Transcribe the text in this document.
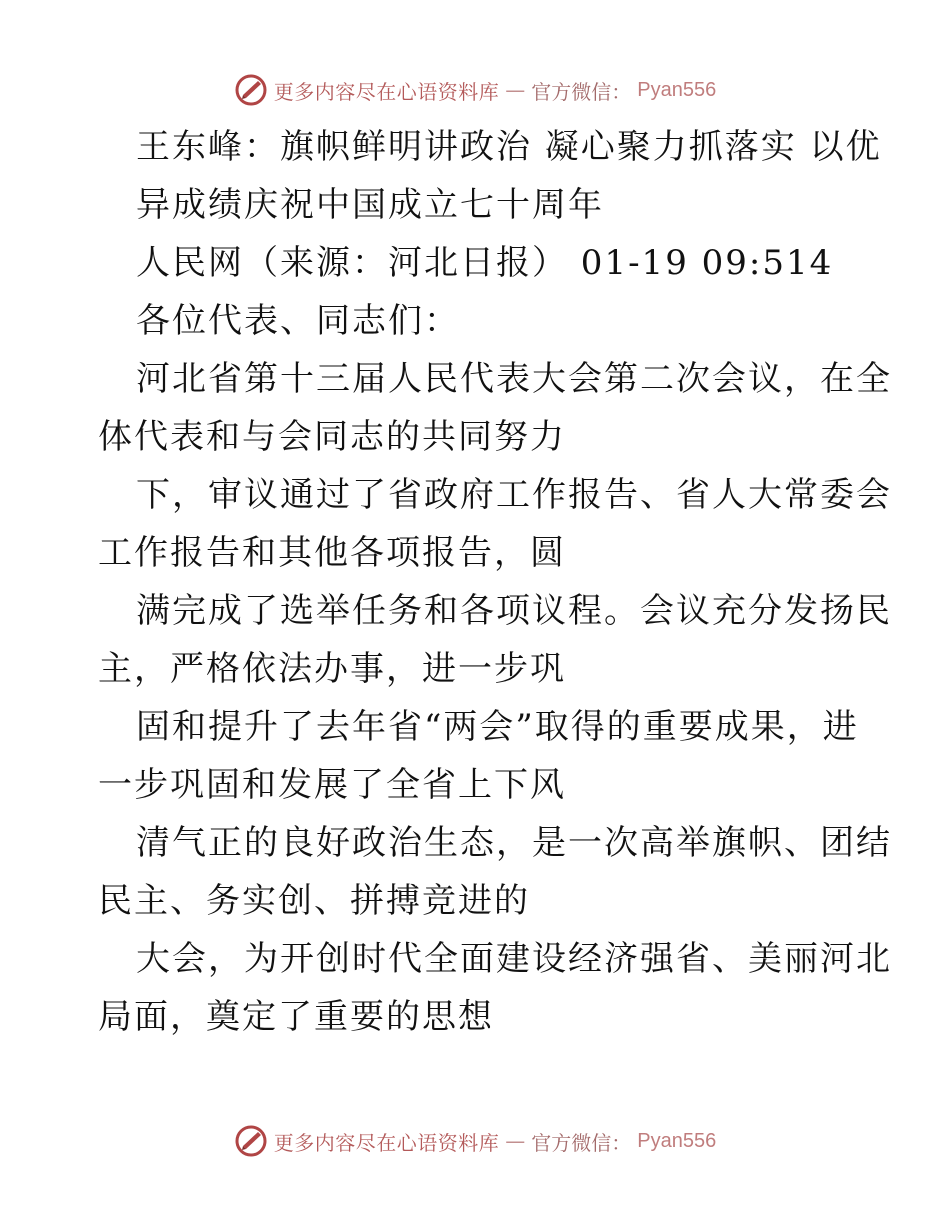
更多内容尽在心语资料库 — 官方微信： Pyan556
王东峰：旗帜鲜明讲政治 凝心聚力抓落实 以优
异成绩庆祝中国成立七十周年
人民网（来源：河北日报） 01-19 09:514
各位代表、同志们：
河北省第十三届人民代表大会第二次会议，在全
体代表和与会同志的共同努力
下，审议通过了省政府工作报告、省人大常委会
工作报告和其他各项报告，圆
满完成了选举任务和各项议程。会议充分发扬民
主，严格依法办事，进一步巩
固和提升了去年省“两会”取得的重要成果，进
一步巩固和发展了全省上下风
清气正的良好政治生态，是一次高举旗帜、团结
民主、务实创、拼搏竞进的
大会，为开创时代全面建设经济强省、美丽河北
局面，奠定了重要的思想
更多内容尽在心语资料库 — 官方微信： Pyan556
